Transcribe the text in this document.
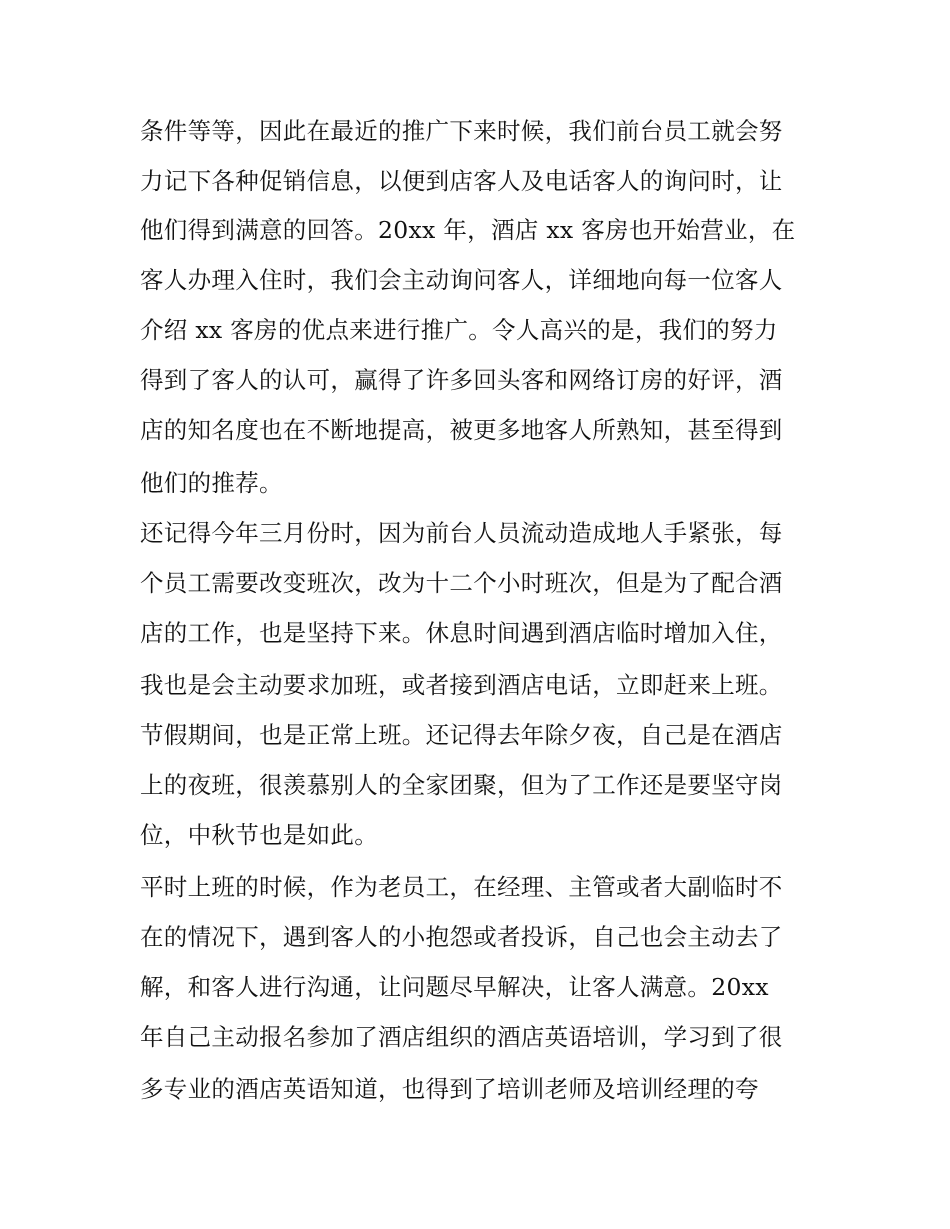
条件等等，因此在最近的推广下来时候，我们前台员工就会努
力记下各种促销信息，以便到店客人及电话客人的询问时，让
他们得到满意的回答。20xx 年，酒店 xx 客房也开始营业，在
客人办理入住时，我们会主动询问客人，详细地向每一位客人
介绍 xx 客房的优点来进行推广。令人高兴的是，我们的努力
得到了客人的认可，赢得了许多回头客和网络订房的好评，酒
店的知名度也在不断地提高，被更多地客人所熟知，甚至得到
他们的推荐。
还记得今年三月份时，因为前台人员流动造成地人手紧张，每
个员工需要改变班次，改为十二个小时班次，但是为了配合酒
店的工作，也是坚持下来。休息时间遇到酒店临时增加入住，
我也是会主动要求加班，或者接到酒店电话，立即赶来上班。
节假期间，也是正常上班。还记得去年除夕夜，自己是在酒店
上的夜班，很羡慕别人的全家团聚，但为了工作还是要坚守岗
位，中秋节也是如此。
平时上班的时候，作为老员工，在经理、主管或者大副临时不
在的情况下，遇到客人的小抱怨或者投诉，自己也会主动去了
解，和客人进行沟通，让问题尽早解决，让客人满意。20xx
年自己主动报名参加了酒店组织的酒店英语培训，学习到了很
多专业的酒店英语知道，也得到了培训老师及培训经理的夸
